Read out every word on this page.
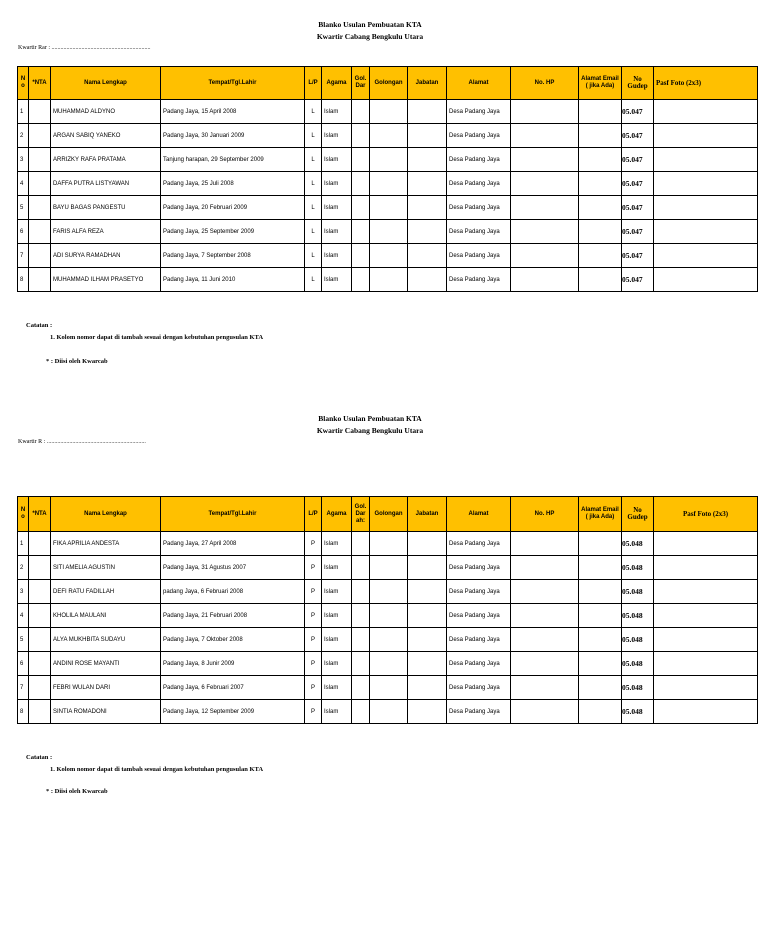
Blanko Usulan Pembuatan KTA
Kwartir Cabang Bengkulu Utara
Kwartir Rar : ..................................................................
N o	*NTA	Nama Lengkap	Tempat/Tgl.Lahir	L/P	Agama	Gol. Dar	Golongan	Jabatan	Alamat	No. HP	Alamat Email ( jika Ada)	No Gudep	Pasf Foto (2x3)
1		MUHAMMAD ALDYNO	Padang Jaya, 15 April 2008	L	Islam				Desa Padang Jaya			05.047	
2		ARGAN SABIQ YANEKO	Padang Jaya, 30 Januari 2009	L	Islam				Desa Padang Jaya			05.047	
3		ARRIZKY RAFA PRATAMA	Tanjung harapan, 29 September 2009	L	Islam				Desa Padang Jaya			05.047	
4		DAFFA PUTRA LISTYAWAN	Padang Jaya, 25 Juli 2008	L	Islam				Desa Padang Jaya			05.047	
5		BAYU BAGAS PANGESTU	Padang Jaya, 20 Februari 2009	L	Islam				Desa Padang Jaya			05.047	
6		FARIS ALFA REZA	Padang Jaya, 25 September 2009	L	Islam				Desa Padang Jaya			05.047	
7		ADI SURYA RAMADHAN	Padang Jaya, 7 September 2008	L	Islam				Desa Padang Jaya			05.047	
8		MUHAMMAD ILHAM PRASETYO	Padang Jaya, 11 Juni 2010	L	Islam				Desa Padang Jaya			05.047	
Catatan :
1. Kolom nomor dapat di tambah sesuai dengan kebutuhan pengusulan KTA
* : Diisi oleh Kwarcab
Blanko Usulan Pembuatan KTA
Kwartir Cabang Bengkulu Utara
Kwartir R : ..................................................................
N o	*NTA	Nama Lengkap	Tempat/Tgl.Lahir	L/P	Agama	Gol. Dar ah:	Golongan	Jabatan	Alamat	No. HP	Alamat Email ( jika Ada)	No Gudep	Pasf Foto (2x3)
1		FIKA APRILIA ANDESTA	Padang Jaya, 27 April 2008	P	Islam				Desa Padang Jaya			05.048	
2		SITI AMELIA AGUSTIN	Padang Jaya, 31 Agustus 2007	P	Islam				Desa Padang Jaya			05.048	
3		DEFI RATU FADILLAH	padang Jaya, 6 Februari 2008	P	Islam				Desa Padang Jaya			05.048	
4		KHOLILA MAULANI	Padang Jaya, 21 Februari 2008	P	Islam				Desa Padang Jaya			05.048	
5		ALYA MUKHBITA SUDAYU	Padang Jaya, 7 Oktober 2008	P	Islam				Desa Padang Jaya			05.048	
6		ANDINI ROSE MAYANTI	Padang Jaya, 8 Junir 2009	P	Islam				Desa Padang Jaya			05.048	
7		FEBRI WULAN DARI	Padang Jaya, 6 Februari 2007	P	Islam				Desa Padang Jaya			05.048	
8		SINTIA ROMADONI	Padang Jaya, 12 September 2009	P	Islam				Desa Padang Jaya			05.048	
Catatan :
1. Kolom nomor dapat di tambah sesuai dengan kebutuhan pengusulan KTA
* : Diisi oleh Kwarcab
